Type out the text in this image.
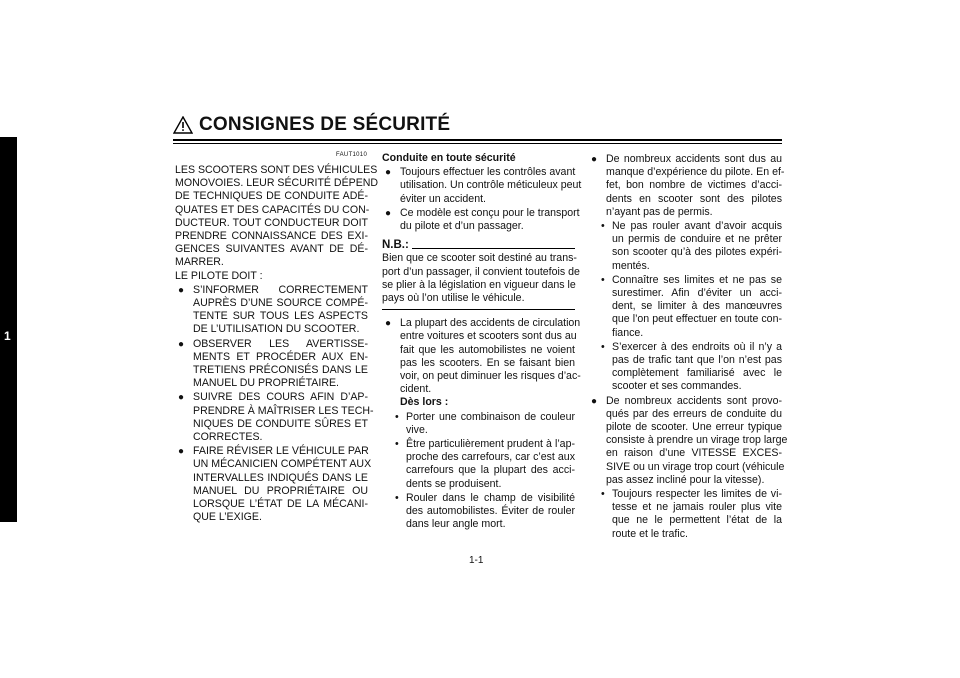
1
CONSIGNES DE SÉCURITÉ
FAUT1010
LES SCOOTERS SONT DES VÉHICULES
MONOVOIES. LEUR SÉCURITÉ DÉPEND
DE TECHNIQUES DE CONDUITE ADÉ-
QUATES ET DES CAPACITÉS DU CON-
DUCTEUR. TOUT CONDUCTEUR DOIT
PRENDRE CONNAISSANCE DES EXI-
GENCES SUIVANTES AVANT DE DÉ-
MARRER.
LE PILOTE DOIT :
● S’INFORMER CORRECTEMENT
AUPRÈS D’UNE SOURCE COMPÉ-
TENTE SUR TOUS LES ASPECTS
DE L’UTILISATION DU SCOOTER.
● OBSERVER LES AVERTISSE-
MENTS ET PROCÉDER AUX EN-
TRETIENS PRÉCONISÉS DANS LE
MANUEL DU PROPRIÉTAIRE.
● SUIVRE DES COURS AFIN D’AP-
PRENDRE À MAÎTRISER LES TECH-
NIQUES DE CONDUITE SÛRES ET
CORRECTES.
● FAIRE RÉVISER LE VÉHICULE PAR
UN MÉCANICIEN COMPÉTENT AUX
INTERVALLES INDIQUÉS DANS LE
MANUEL DU PROPRIÉTAIRE OU
LORSQUE L’ÉTAT DE LA MÉCANI-
QUE L’EXIGE.
Conduite en toute sécurité
● Toujours effectuer les contrôles avant
utilisation. Un contrôle méticuleux peut
éviter un accident.
● Ce modèle est conçu pour le transport
du pilote et d’un passager.
N.B.:
Bien que ce scooter soit destiné au trans-
port d’un passager, il convient toutefois de
se plier à la législation en vigueur dans le
pays où l’on utilise le véhicule.
● La plupart des accidents de circulation
entre voitures et scooters sont dus au
fait que les automobilistes ne voient
pas les scooters. En se faisant bien
voir, on peut diminuer les risques d’ac-
cident.
Dès lors :
• Porter une combinaison de couleur
vive.
• Être particulièrement prudent à l’ap-
proche des carrefours, car c’est aux
carrefours que la plupart des acci-
dents se produisent.
• Rouler dans le champ de visibilité
des automobilistes. Éviter de rouler
dans leur angle mort.
● De nombreux accidents sont dus au
manque d’expérience du pilote. En ef-
fet, bon nombre de victimes d’acci-
dents en scooter sont des pilotes
n’ayant pas de permis.
• Ne pas rouler avant d’avoir acquis
un permis de conduire et ne prêter
son scooter qu’à des pilotes expéri-
mentés.
• Connaître ses limites et ne pas se
surestimer. Afin d’éviter un acci-
dent, se limiter à des manœuvres
que l’on peut effectuer en toute con-
fiance.
• S’exercer à des endroits où il n’y a
pas de trafic tant que l’on n’est pas
complètement familiarisé avec le
scooter et ses commandes.
● De nombreux accidents sont provo-
qués par des erreurs de conduite du
pilote de scooter. Une erreur typique
consiste à prendre un virage trop large
en raison d’une VITESSE EXCES-
SIVE ou un virage trop court (véhicule
pas assez incliné pour la vitesse).
• Toujours respecter les limites de vi-
tesse et ne jamais rouler plus vite
que ne le permettent l’état de la
route et le trafic.
1-1
